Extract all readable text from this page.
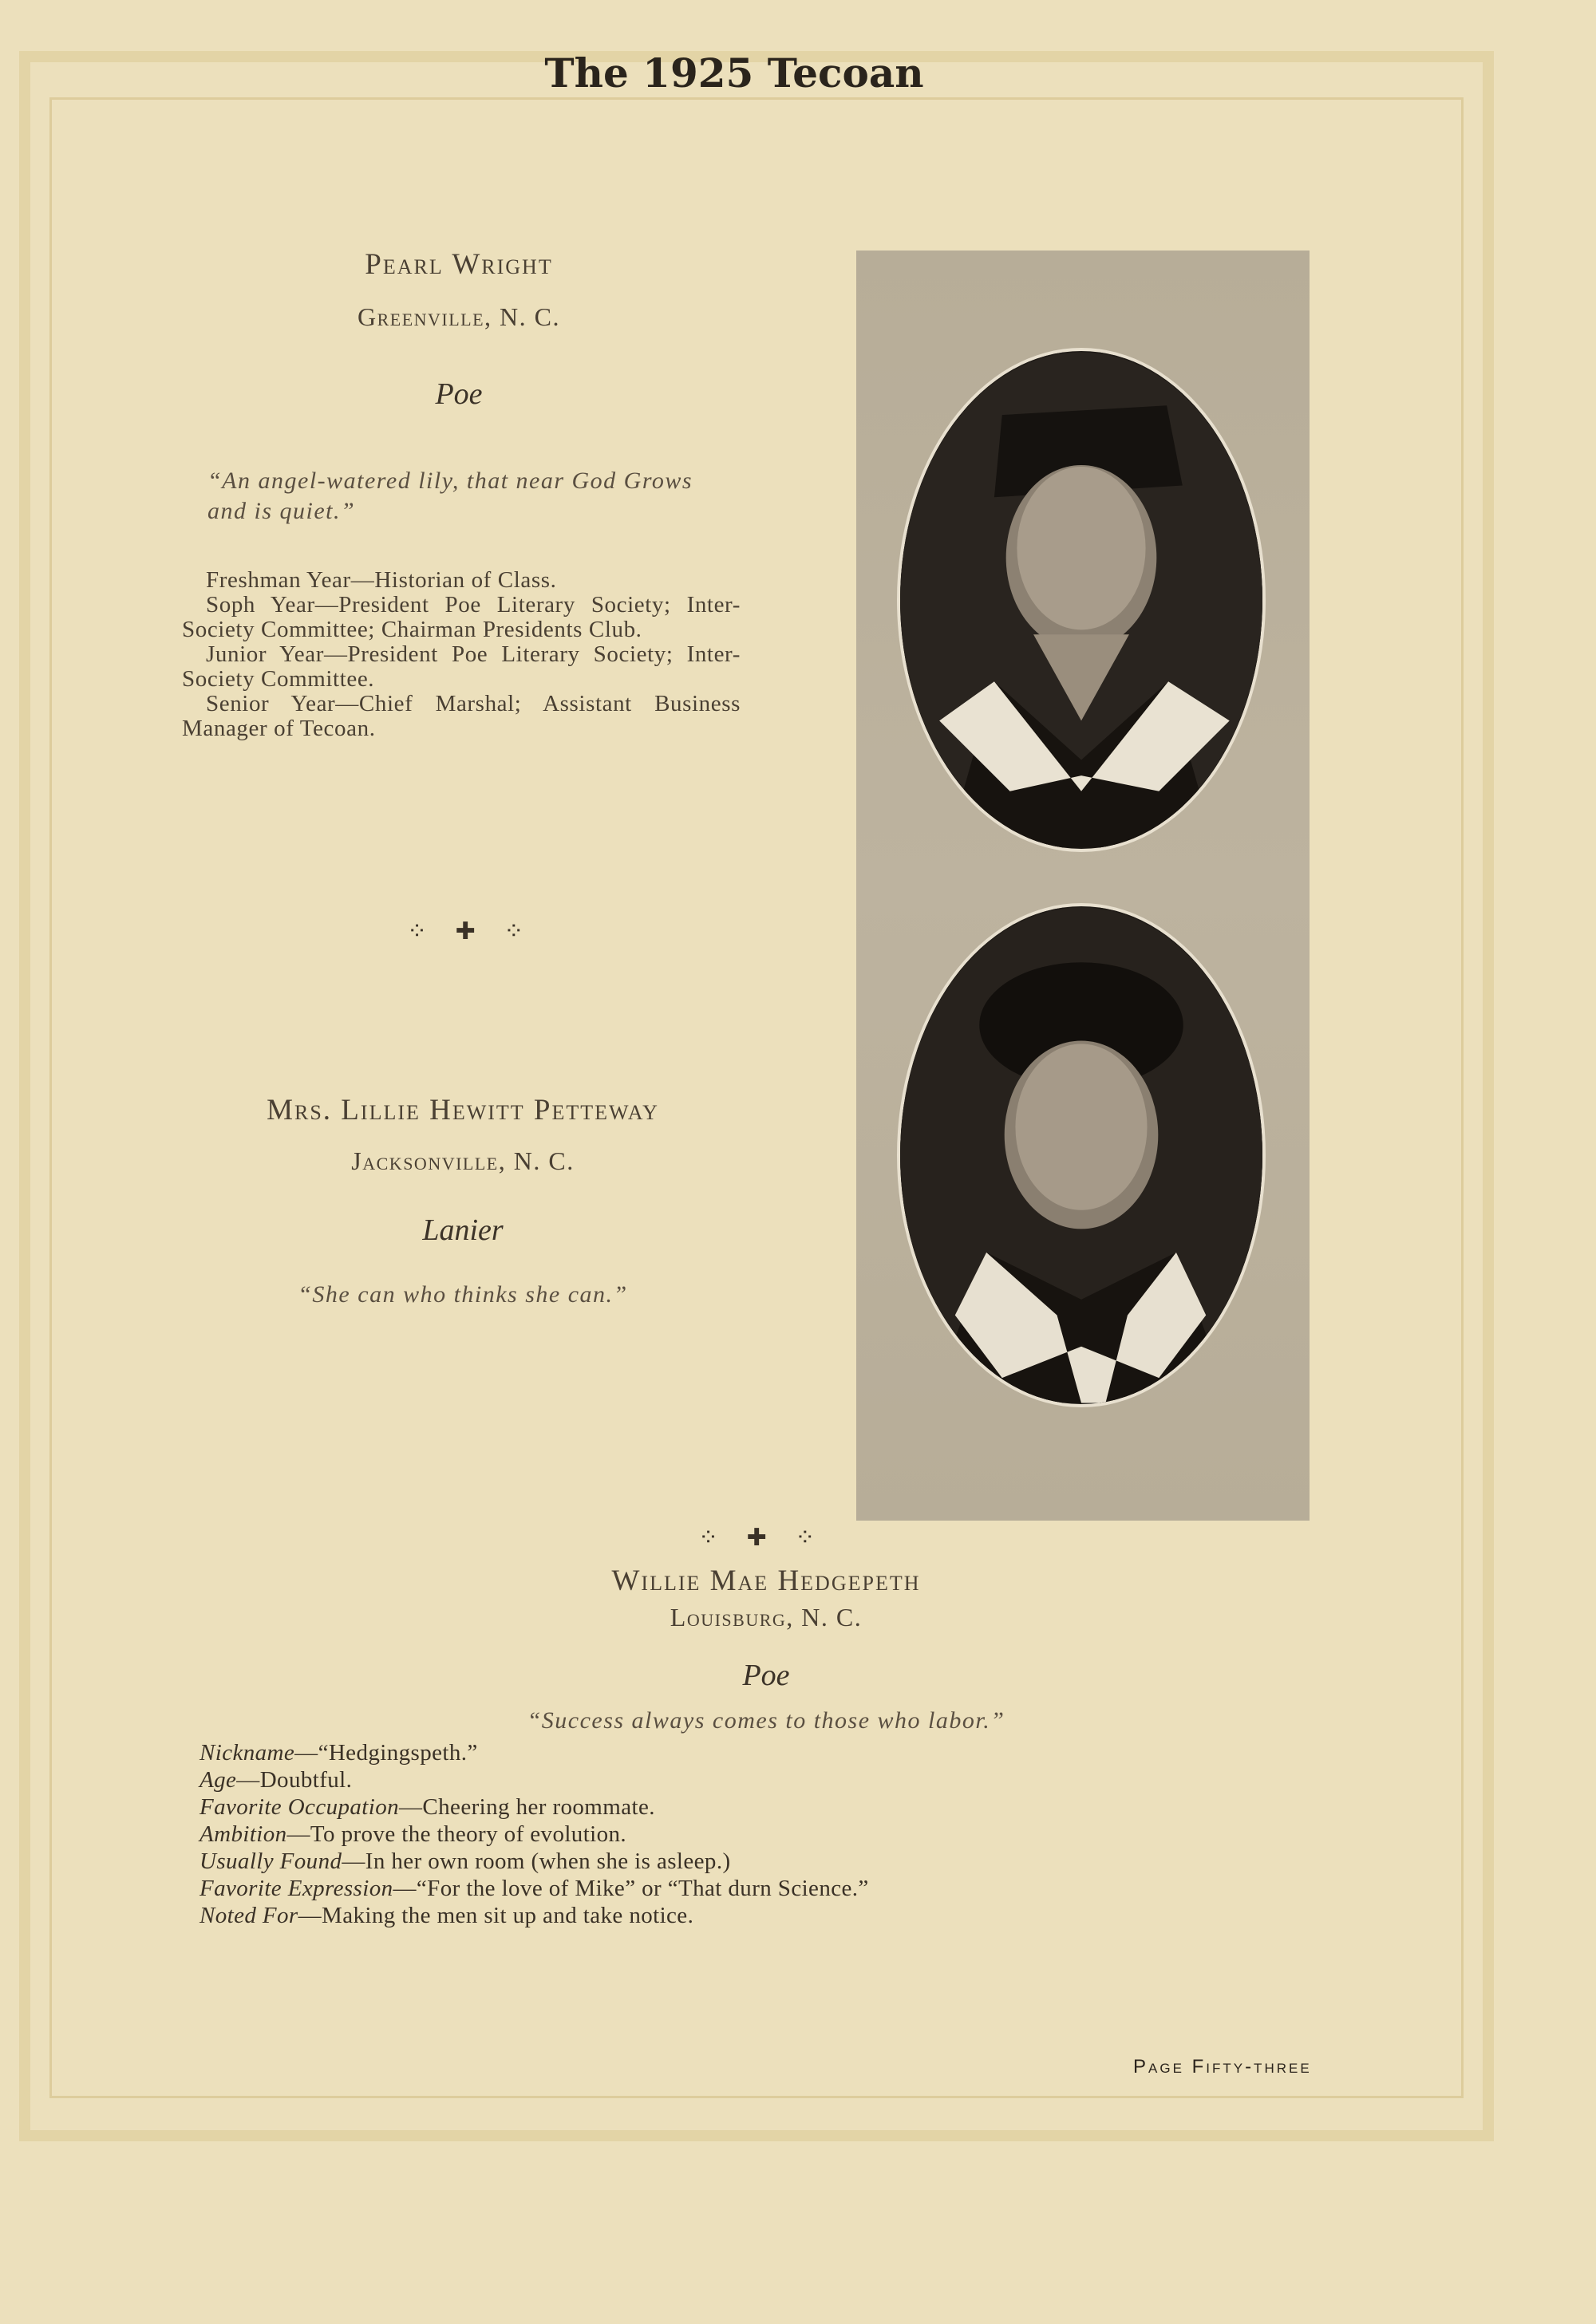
The 1925 Tecoan
Pearl Wright
Greenville, N. C.
Poe
“An angel-watered lily, that near God Grows and is quiet.”

Freshman Year—Historian of Class.

Soph Year—President Poe Literary Society; Inter-Society Committee; Chairman Presidents Club.

Junior Year—President Poe Literary Society; Inter-Society Committee.

Senior Year—Chief Marshal; Assistant Business Manager of Tecoan.

⁘ ✚ ⁘
Mrs. Lillie Hewitt Petteway
Jacksonville, N. C.
Lanier
“She can who thinks she can.”
⁘ ✚ ⁘
Willie Mae Hedgepeth
Louisburg, N. C.
Poe
“Success always comes to those who labor.”
Nickname—“Hedgingspeth.”
Age—Doubtful.
Favorite Occupation—Cheering her roommate.
Ambition—To prove the theory of evolution.
Usually Found—In her own room (when she is asleep.)
Favorite Expression—“For the love of Mike” or “That durn Science.”
Noted For—Making the men sit up and take notice.
Page Fifty-three
